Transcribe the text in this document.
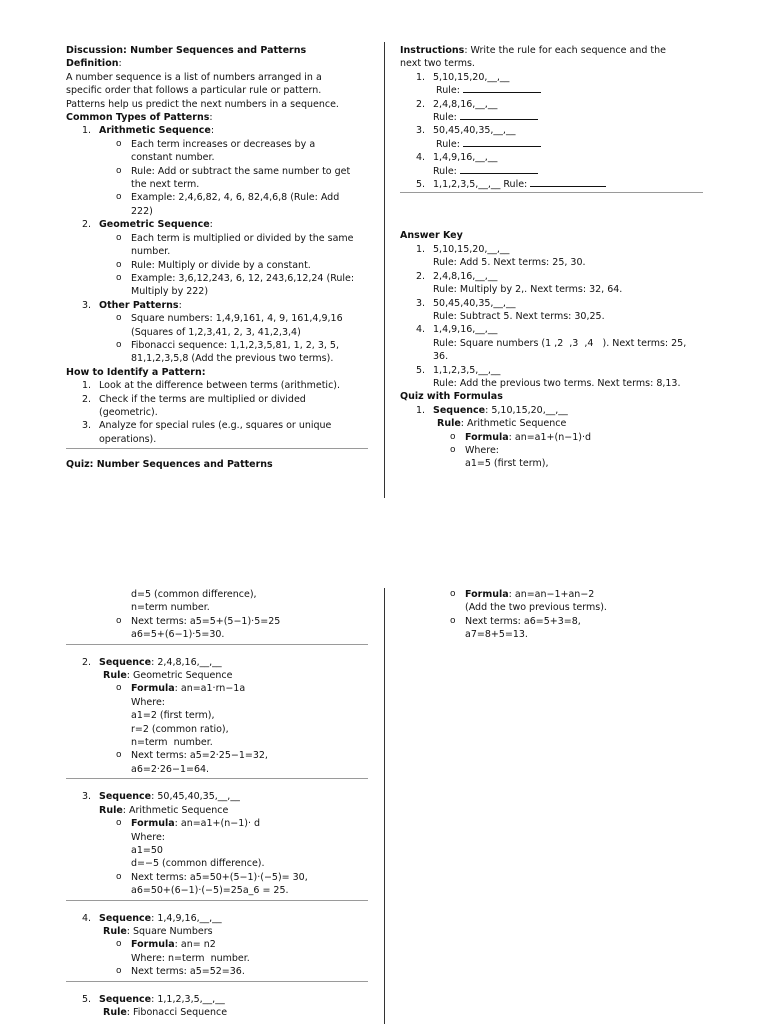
Discussion: Number Sequences and Patterns
Definition:
A number sequence is a list of numbers arranged in a
specific order that follows a particular rule or pattern.
Patterns help us predict the next numbers in a sequence.
Common Types of Patterns:
1. Arithmetic Sequence:
o Each term increases or decreases by a
constant number.
o Rule: Add or subtract the same number to get
the next term.
o Example: 2,4,6,82, 4, 6, 82,4,6,8 (Rule: Add
222)
2. Geometric Sequence:
o Each term is multiplied or divided by the same
number.
o Rule: Multiply or divide by a constant.
o Example: 3,6,12,243, 6, 12, 243,6,12,24 (Rule:
Multiply by 222)
3. Other Patterns:
o Square numbers: 1,4,9,161, 4, 9, 161,4,9,16
(Squares of 1,2,3,41, 2, 3, 41,2,3,4)
o Fibonacci sequence: 1,1,2,3,5,81, 1, 2, 3, 5,
81,1,2,3,5,8 (Add the previous two terms).
How to Identify a Pattern:
1. Look at the difference between terms (arithmetic).
2. Check if the terms are multiplied or divided
(geometric).
3. Analyze for special rules (e.g., squares or unique
operations).
Quiz: Number Sequences and Patterns
Instructions: Write the rule for each sequence and the
next two terms.
1. 5,10,15,20,__,__
Rule:
2. 2,4,8,16,__,__
Rule:
3. 50,45,40,35,__,__
Rule:
4. 1,4,9,16,__,__
Rule:
5. 1,1,2,3,5,__,__ Rule:
Answer Key
1. 5,10,15,20,__,__
Rule: Add 5. Next terms: 25, 30.
2. 2,4,8,16,__,__
Rule: Multiply by 2,. Next terms: 32, 64.
3. 50,45,40,35,__,__
Rule: Subtract 5. Next terms: 30,25.
4. 1,4,9,16,__,__
Rule: Square numbers (1 ,2  ,3  ,4   ). Next terms: 25,
36.
5. 1,1,2,3,5,__,__
Rule: Add the previous two terms. Next terms: 8,13.
Quiz with Formulas
1. Sequence: 5,10,15,20,__,__
Rule: Arithmetic Sequence
o Formula: an=a1+(n−1)·d
o Where:
a1=5 (first term),
d=5 (common difference),
n=term number.
o Next terms: a5=5+(5−1)·5=25
a6=5+(6−1)·5=30.
2. Sequence: 2,4,8,16,__,__
Rule: Geometric Sequence
o Formula: an=a1·rn−1a
Where:
a1=2 (first term),
r=2 (common ratio),
n=term  number.
o Next terms: a5=2·25−1=32,
a6=2·26−1=64.
3. Sequence: 50,45,40,35,__,__
Rule: Arithmetic Sequence
o Formula: an=a1+(n−1)· d
Where:
a1=50
d=−5 (common difference).
o Next terms: a5=50+(5−1)·(−5)= 30,
a6=50+(6−1)·(−5)=25a_6 = 25.
4. Sequence: 1,4,9,16,__,__
Rule: Square Numbers
o Formula: an= n2
Where: n=term  number.
o Next terms: a5=52=36.
5. Sequence: 1,1,2,3,5,__,__
Rule: Fibonacci Sequence
o Formula: an=an−1+an−2
(Add the two previous terms).
o Next terms: a6=5+3=8,
a7=8+5=13.
